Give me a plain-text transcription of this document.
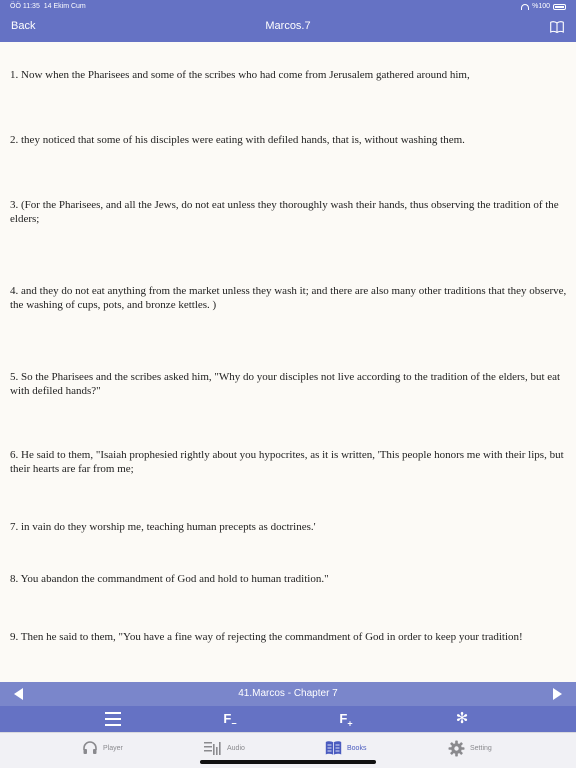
ÖÖ 11:35 14 Ekim Cum	%100
Back	Marcos.7

1. Now when the Pharisees and some of the scribes who had come from Jerusalem gathered around him,

2. they noticed that some of his disciples were eating with defiled hands, that is, without washing them.

3. (For the Pharisees, and all the Jews, do not eat unless they thoroughly wash their hands, thus observing the tradition of the elders;

4. and they do not eat anything from the market unless they wash it; and there are also many other traditions that they observe, the washing of cups, pots, and bronze kettles. )

5. So the Pharisees and the scribes asked him, "Why do your disciples not live according to the tradition of the elders, but eat with defiled hands?"

6. He said to them, "Isaiah prophesied rightly about you hypocrites, as it is written, 'This people honors me with their lips, but their hearts are far from me;

7. in vain do they worship me, teaching human precepts as doctrines.'

8. You abandon the commandment of God and hold to human tradition."

9. Then he said to them, "You have a fine way of rejecting the commandment of God in order to keep your tradition!

41.Marcos - Chapter 7
$F_-$	$F_+$	✻
Player	Audio	Books	Setting
